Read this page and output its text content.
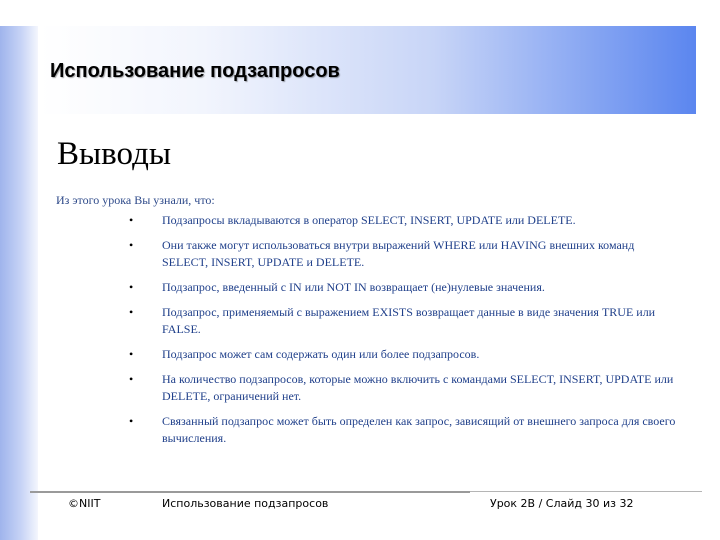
Использование подзапросов
Выводы
Из этого урока Вы узнали, что:
• Подзапросы вкладываются в оператор SELECT, INSERT, UPDATE или DELETE.
• Они также могут использоваться внутри выражений WHERE или HAVING внешних команд SELECT, INSERT, UPDATE и DELETE.
• Подзапрос, введенный с IN или NOT IN возвращает (не)нулевые значения.
• Подзапрос, применяемый с выражением EXISTS возвращает данные в виде значения TRUE или FALSE.
• Подзапрос может сам содержать один или более подзапросов.
• На количество подзапросов, которые можно включить с командами SELECT, INSERT, UPDATE или DELETE, ограничений нет.
• Связанный подзапрос может быть определен как запрос, зависящий от внешнего запроса для своего вычисления.
©NIIT	Использование подзапросов	Урок 2В / Слайд 30 из 32
